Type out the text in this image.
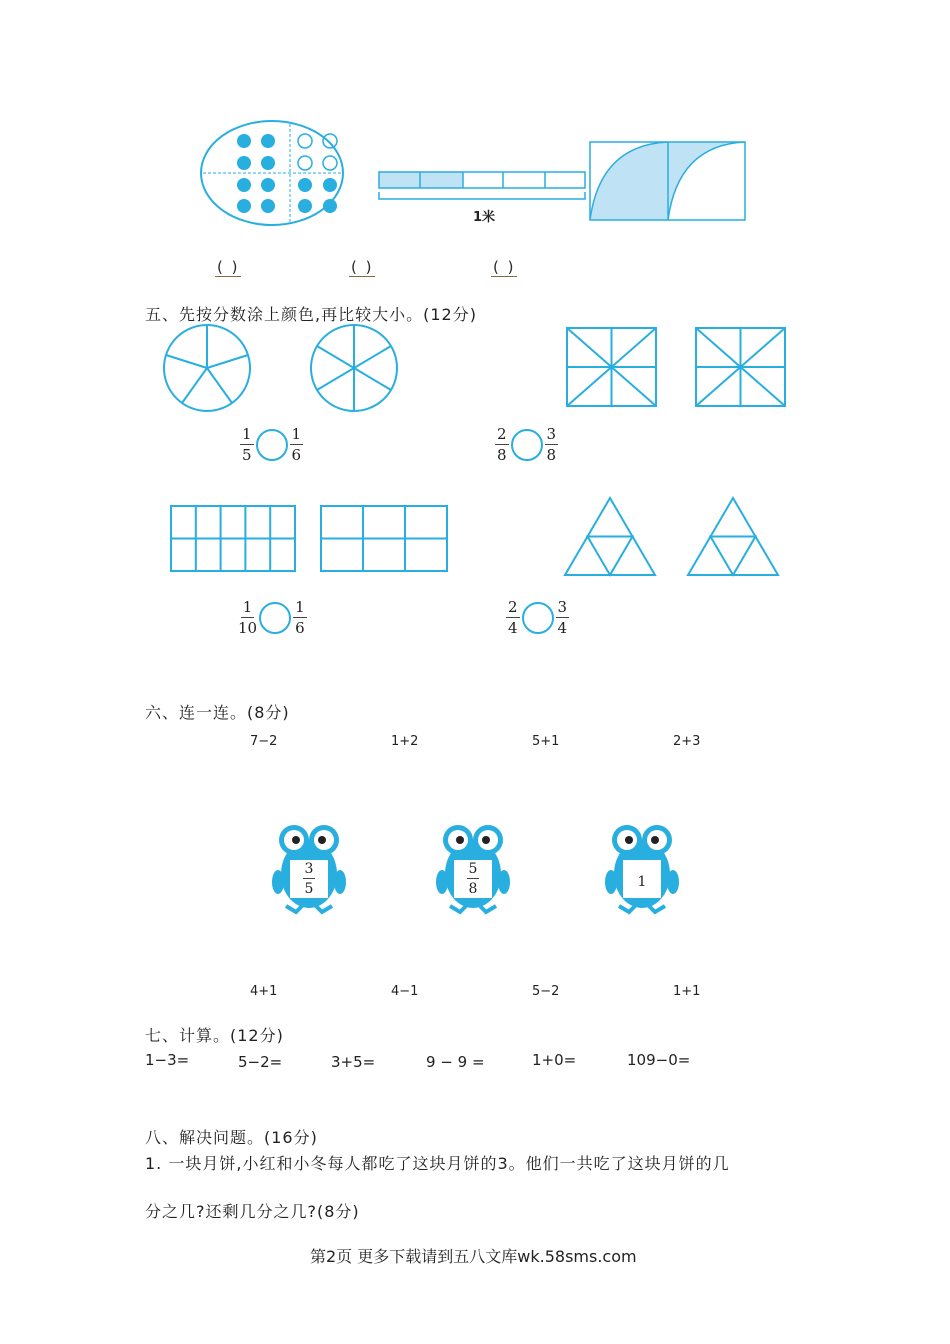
1米
( )	( )	( )
五、先按分数涂上颜色,再比较大小。(12分)
$\frac{1}{5} \frac{1}{6}$	$\frac{2}{8} \frac{3}{8}$
$\frac{1}{10} \frac{1}{6}$	$\frac{2}{4} \frac{3}{4}$
六、连一连。(8分)
7−2	1+2	5+1	2+3
$\frac{3}{5}$	$\frac{5}{8}$	1
4+1	4−1	5−2	1+1
七、计算。(12分)
1−3=	5−2=	3+5=	9 − 9 =	1+0=	109−0=
八、解决问题。(16分)
1. 一块月饼,小红和小冬每人都吃了这块月饼的3。他们一共吃了这块月饼的几
分之几?还剩几分之几?(8分)
第2页 更多下载请到五八文库wk.58sms.com
